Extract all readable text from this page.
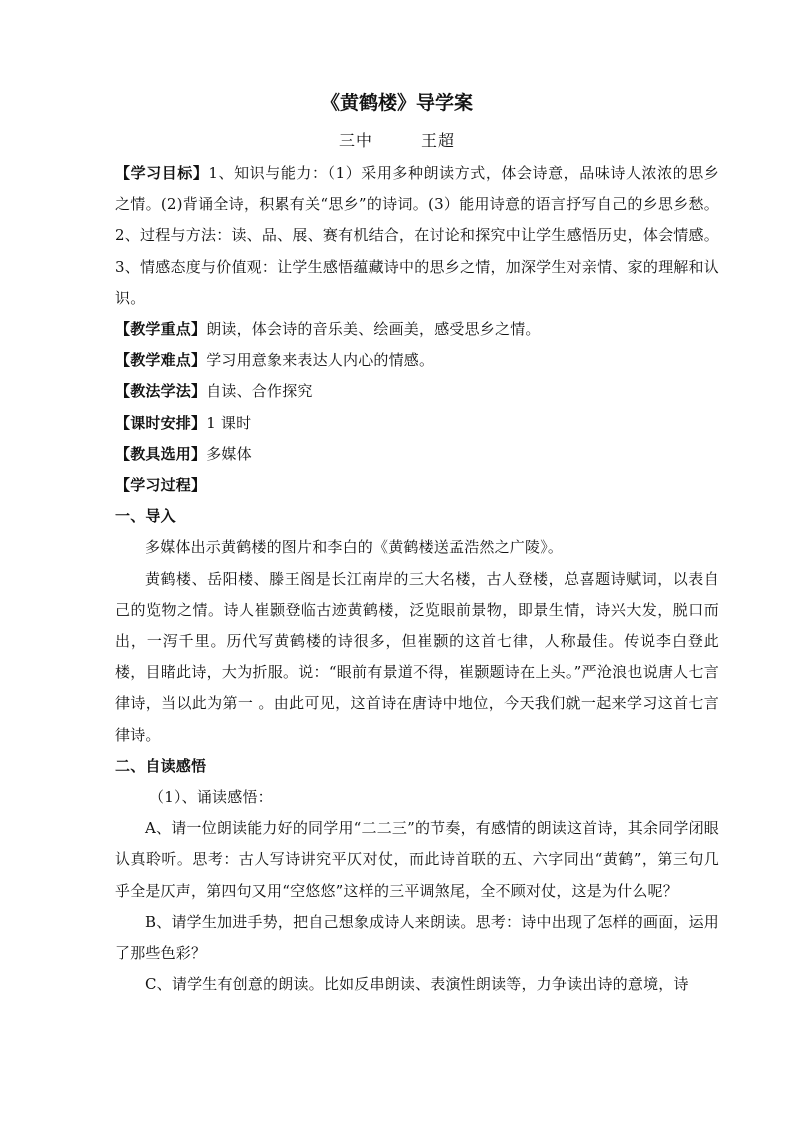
《黄鹤楼》导学案
三中	王超

【学习目标】1、知识与能力：（1）采用多种朗读方式，体会诗意，品味诗人浓浓的思乡之情。(2)背诵全诗，积累有关“思乡”的诗词。(3）能用诗意的语言抒写自己的乡思乡愁。2、过程与方法：读、品、展、赛有机结合，在讨论和探究中让学生感悟历史，体会情感。3、情感态度与价值观：让学生感悟蕴藏诗中的思乡之情，加深学生对亲情、家的理解和认识。

【教学重点】朗读，体会诗的音乐美、绘画美，感受思乡之情。

【教学难点】学习用意象来表达人内心的情感。

【教法学法】自读、合作探究

【课时安排】1 课时

【教具选用】多媒体

【学习过程】

一、导入

多媒体出示黄鹤楼的图片和李白的《黄鹤楼送孟浩然之广陵》。

黄鹤楼、岳阳楼、滕王阁是长江南岸的三大名楼，古人登楼，总喜题诗赋词，以表自己的览物之情。诗人崔颢登临古迹黄鹤楼，泛览眼前景物，即景生情，诗兴大发，脱口而出，一泻千里。历代写黄鹤楼的诗很多，但崔颢的这首七律，人称最佳。传说李白登此楼，目睹此诗，大为折服。说：“眼前有景道不得，崔颢题诗在上头。”严沧浪也说唐人七言律诗，当以此为第一 。由此可见，这首诗在唐诗中地位，今天我们就一起来学习这首七言律诗。

二、自读感悟

（1）、诵读感悟：

A、请一位朗读能力好的同学用“二二三”的节奏，有感情的朗读这首诗，其余同学闭眼认真聆听。思考：古人写诗讲究平仄对仗，而此诗首联的五、六字同出“黄鹤”，第三句几乎全是仄声，第四句又用“空悠悠”这样的三平调煞尾，全不顾对仗，这是为什么呢？

B、请学生加进手势，把自己想象成诗人来朗读。思考：诗中出现了怎样的画面，运用了那些色彩？

C、请学生有创意的朗读。比如反串朗读、表演性朗读等，力争读出诗的意境，诗
